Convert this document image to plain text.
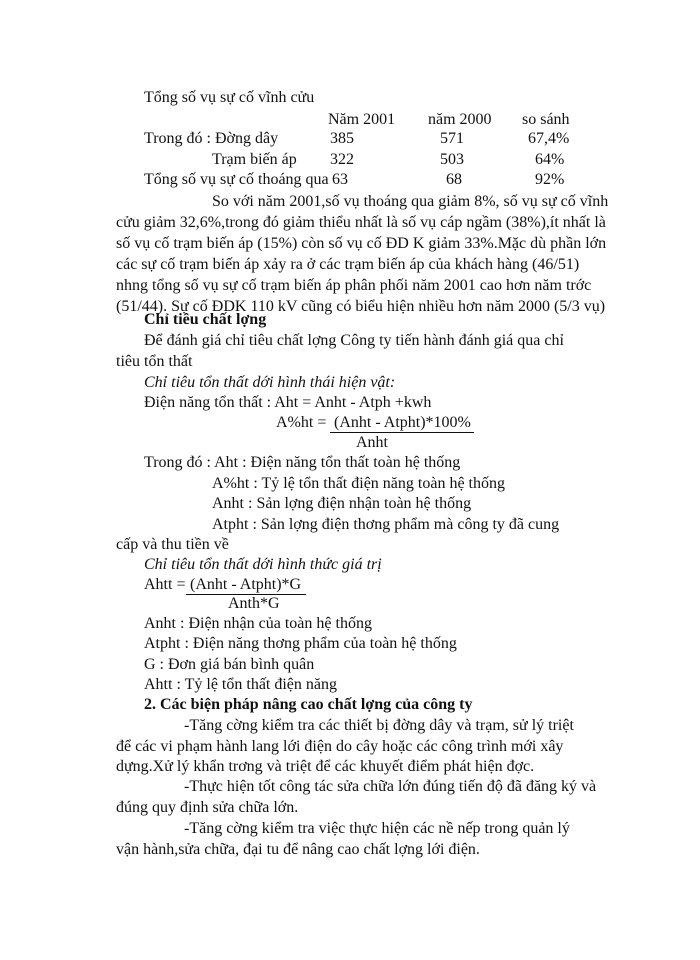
Tổng số vụ sự cố vĩnh cửu
Năm 2001 năm 2000 so sánh
Trong đó : Đờng dây	385	571	67,4%
Trạm biến áp 322	503	64%
Tổng số vụ sự cố thoáng qua 63	68	92%
So với năm 2001,số vụ thoáng qua giảm 8%, số vụ sự cố vĩnh
cửu giảm 32,6%,trong đó giảm thiểu nhất là số vụ cáp ngầm (38%),ít nhất là
số vụ cố trạm biến áp (15%) còn số vụ cố ĐD K giảm 33%.Mặc dù phần lớn
các sự cố trạm biến áp xảy ra ở các trạm biến áp của khách hàng (46/51)
nhng tổng số vụ sự cố trạm biến áp phân phối năm 2001 cao hơn năm trớc
(51/44). Sự cố ĐDK 110 kV cũng có biểu hiện nhiều hơn năm 2000 (5/3 vụ)
Chỉ tiêu chất lợng
Để đánh giá chỉ tiêu chất lợng Công ty tiến hành đánh giá qua chỉ
tiêu tổn thất
Chỉ tiêu tổn thất dới hình thái hiện vật:
Điện năng tổn thất : Aht = Anht - Atph +kwh
A%ht = (Anht - Atpht)*100%
Anht
Trong đó : Aht : Điện năng tổn thất toàn hệ thống
A%ht : Tỷ lệ tổn thất điện năng toàn hệ thống
Anht : Sản lợng điện nhận toàn hệ thống
Atpht : Sản lợng điện thơng phẩm mà công ty đã cung
cấp và thu tiền về
Chỉ tiêu tổn thất dới hình thức giá trị
Ahtt = (Anht - Atpht)*G
Anth*G
Anht : Điện nhận của toàn hệ thống
Atpht : Điện năng thơng phẩm của toàn hệ thống
G : Đơn giá bán bình quân
Ahtt : Tỷ lệ tổn thất điện năng
2. Các biện pháp nâng cao chất lợng của công ty
-Tăng cờng kiểm tra các thiết bị đờng dây và trạm, sử lý triệt
để các vi phạm hành lang lới điện do cây hoặc các công trình mới xây
dựng.Xử lý khẩn trơng và triệt để các khuyết điểm phát hiện đợc.
-Thực hiện tốt công tác sửa chữa lớn đúng tiến độ đã đăng ký và
đúng quy định sửa chữa lớn.
-Tăng cờng kiểm tra việc thực hiện các nề nếp trong quản lý
vận hành,sửa chữa, đại tu để nâng cao chất lợng lới điện.
